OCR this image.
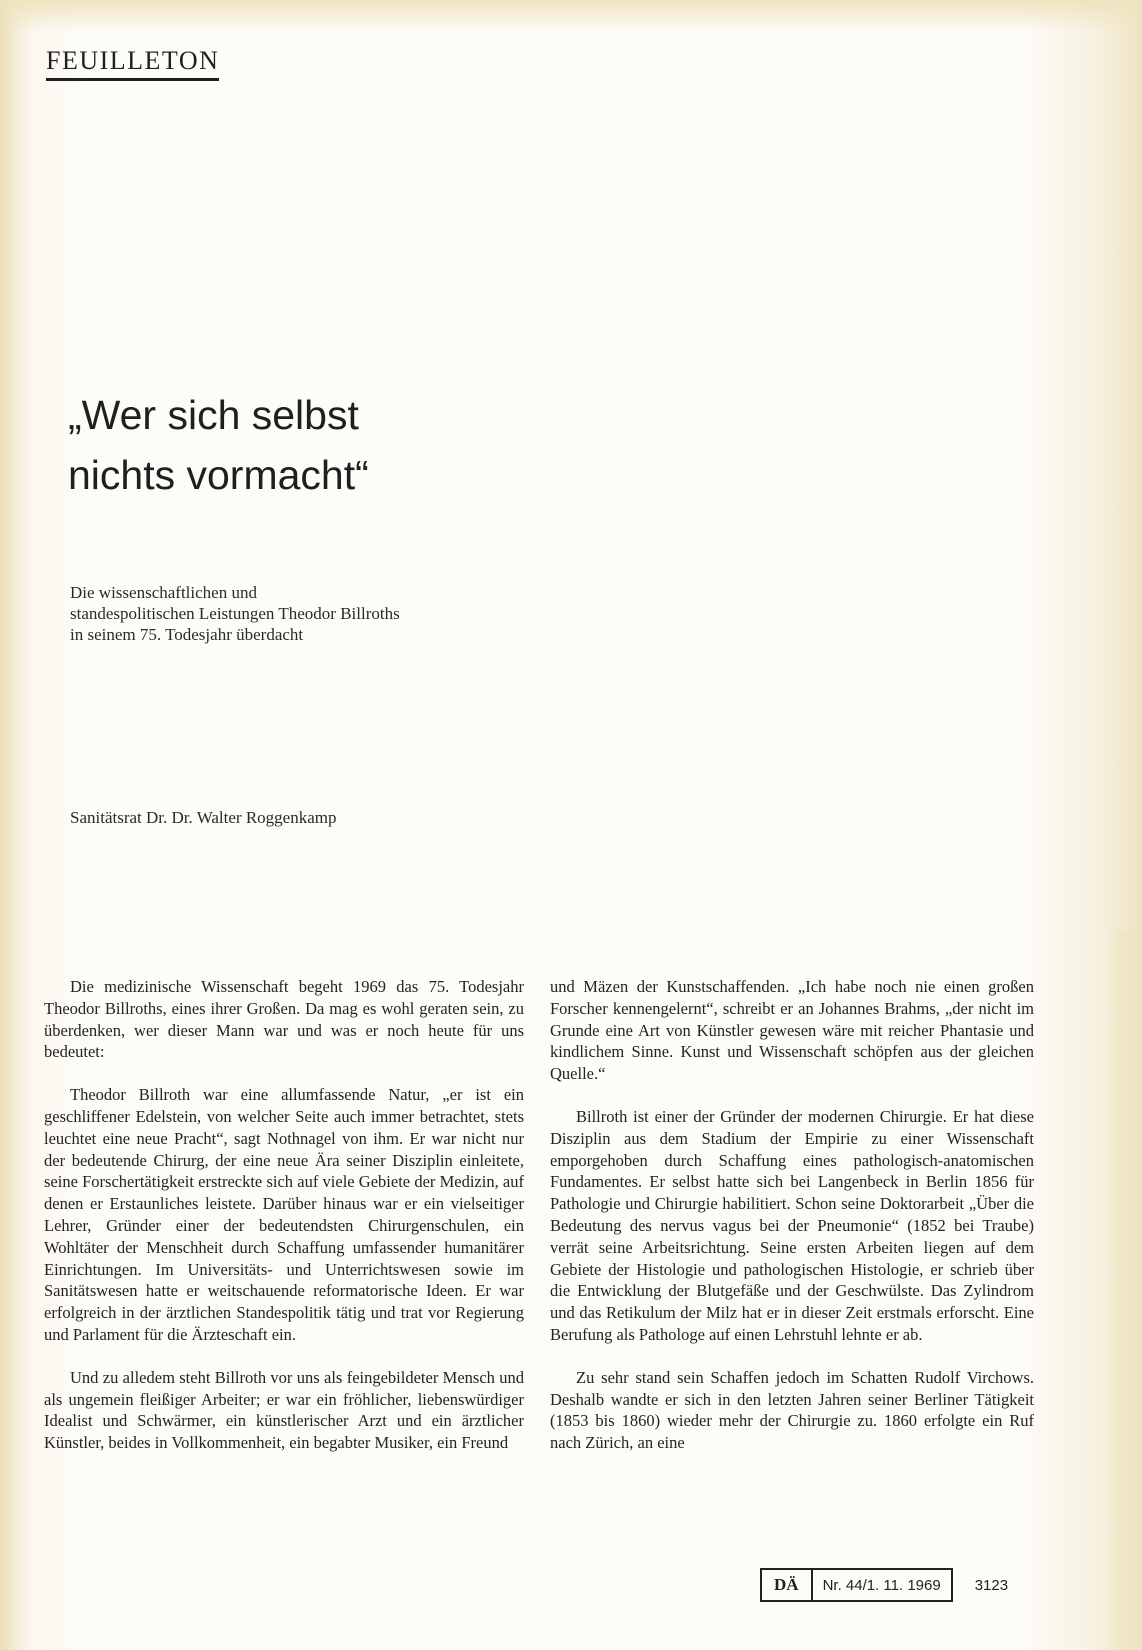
FEUILLETON
„Wer sich selbst
nichts vormacht“
Die wissenschaftlichen und
standespolitischen Leistungen Theodor Billroths
in seinem 75. Todesjahr überdacht
Sanitätsrat Dr. Dr. Walter Roggenkamp

Die medizinische Wissenschaft begeht 1969 das 75. Todesjahr Theodor Billroths, eines ihrer Großen. Da mag es wohl geraten sein, zu überdenken, wer dieser Mann war und was er noch heute für uns bedeutet:

Theodor Billroth war eine allumfassende Natur, „er ist ein geschliffener Edelstein, von welcher Seite auch immer betrachtet, stets leuchtet eine neue Pracht“, sagt Nothnagel von ihm. Er war nicht nur der bedeutende Chirurg, der eine neue Ära seiner Disziplin einleitete, seine Forschertätigkeit erstreckte sich auf viele Gebiete der Medizin, auf denen er Erstaunliches leistete. Darüber hinaus war er ein vielseitiger Lehrer, Gründer einer der bedeutendsten Chirurgenschulen, ein Wohltäter der Menschheit durch Schaffung umfassender humanitärer Einrichtungen. Im Universitäts- und Unterrichtswesen sowie im Sanitätswesen hatte er weitschauende reformatorische Ideen. Er war erfolgreich in der ärztlichen Standespolitik tätig und trat vor Regierung und Parlament für die Ärzteschaft ein.

Und zu alledem steht Billroth vor uns als feingebildeter Mensch und als ungemein fleißiger Arbeiter; er war ein fröhlicher, liebenswürdiger Idealist und Schwärmer, ein künstlerischer Arzt und ein ärztlicher Künstler, beides in Vollkommenheit, ein begabter Musiker, ein Freund

und Mäzen der Kunstschaffenden. „Ich habe noch nie einen großen Forscher kennengelernt“, schreibt er an Johannes Brahms, „der nicht im Grunde eine Art von Künstler gewesen wäre mit reicher Phantasie und kindlichem Sinne. Kunst und Wissenschaft schöpfen aus der gleichen Quelle.“

Billroth ist einer der Gründer der modernen Chirurgie. Er hat diese Disziplin aus dem Stadium der Empirie zu einer Wissenschaft emporgehoben durch Schaffung eines pathologisch-anatomischen Fundamentes. Er selbst hatte sich bei Langenbeck in Berlin 1856 für Pathologie und Chirurgie habilitiert. Schon seine Doktorarbeit „Über die Bedeutung des nervus vagus bei der Pneumonie“ (1852 bei Traube) verrät seine Arbeitsrichtung. Seine ersten Arbeiten liegen auf dem Gebiete der Histologie und pathologischen Histologie, er schrieb über die Entwicklung der Blutgefäße und der Geschwülste. Das Zylindrom und das Retikulum der Milz hat er in dieser Zeit erstmals erforscht. Eine Berufung als Pathologe auf einen Lehrstuhl lehnte er ab.

Zu sehr stand sein Schaffen jedoch im Schatten Rudolf Virchows. Deshalb wandte er sich in den letzten Jahren seiner Berliner Tätigkeit (1853 bis 1860) wieder mehr der Chirurgie zu. 1860 erfolgte ein Ruf nach Zürich, an eine

DÄ	Nr. 44/1. 11. 1969	3123
